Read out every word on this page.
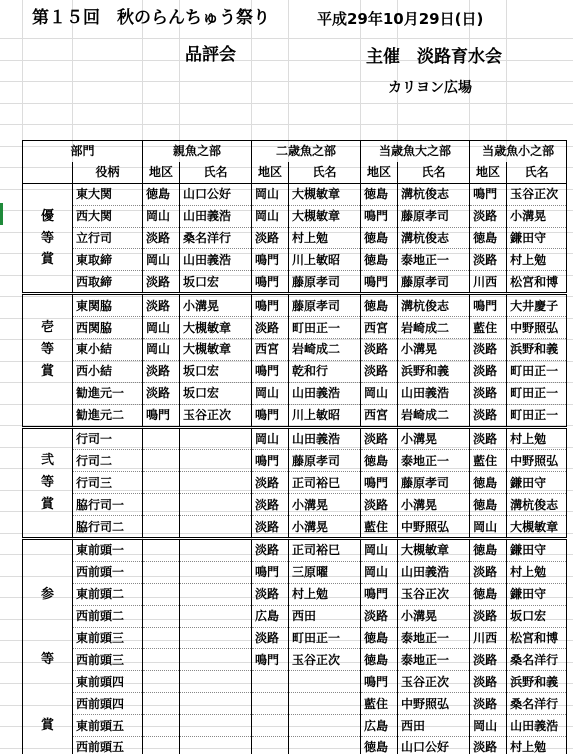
第１５回　秋のらんちゅう祭り	平成29年10月29日(日)
品評会	主催　淡路育水会
カリヨン広場
部門		親魚之部		二歳魚之部		当歳魚大之部		当歳魚小之部	
	役柄	地区	氏名	地区	氏名	地区	氏名	地区	氏名
	東大関	徳島	山口公好	岡山	大槻敏章	徳島	溝杭俊志	鳴門	玉谷正次
優	西大関	岡山	山田義浩	岡山	大槻敏章	鳴門	藤原孝司	淡路	小溝晃
等	立行司	淡路	桑名洋行	淡路	村上勉	徳島	溝杭俊志	徳島	鎌田守
賞	東取締	岡山	山田義浩	鳴門	川上敏昭	徳島	泰地正一	淡路	村上勉
	西取締	淡路	坂口宏	鳴門	藤原孝司	鳴門	藤原孝司	川西	松宮和博
	東関脇	淡路	小溝晃	鳴門	藤原孝司	徳島	溝杭俊志	鳴門	大井慶子
壱	西関脇	岡山	大槻敏章	淡路	町田正一	西宮	岩崎成二	藍住	中野照弘
等	東小結	岡山	大槻敏章	西宮	岩崎成二	淡路	小溝晃	淡路	浜野和義
賞	西小結	淡路	坂口宏	鳴門	乾和行	淡路	浜野和義	淡路	町田正一
	勧進元一	淡路	坂口宏	岡山	山田義浩	岡山	山田義浩	淡路	町田正一
	勧進元二	鳴門	玉谷正次	鳴門	川上敏昭	西宮	岩崎成二	淡路	町田正一
	行司一			岡山	山田義浩	淡路	小溝晃	淡路	村上勉
弐	行司二			鳴門	藤原孝司	徳島	泰地正一	藍住	中野照弘
等	行司三			淡路	正司裕巳	鳴門	藤原孝司	徳島	鎌田守
賞	脇行司一			淡路	小溝晃	淡路	小溝晃	徳島	溝杭俊志
	脇行司二			淡路	小溝晃	藍住	中野照弘	岡山	大槻敏章
	東前頭一			淡路	正司裕巳	岡山	大槻敏章	徳島	鎌田守
	西前頭一			鳴門	三原曜	岡山	山田義浩	淡路	村上勉
参	東前頭二			淡路	村上勉	鳴門	玉谷正次	徳島	鎌田守
	西前頭二			広島	西田	淡路	小溝晃	淡路	坂口宏
	東前頭三			淡路	町田正一	徳島	泰地正一	川西	松宮和博
等	西前頭三			鳴門	玉谷正次	徳島	泰地正一	淡路	桑名洋行
	東前頭四					鳴門	玉谷正次	淡路	浜野和義
	西前頭四					藍住	中野照弘	淡路	桑名洋行
賞	東前頭五					広島	西田	岡山	山田義浩
	西前頭五					徳島	山口公好	淡路	村上勉
